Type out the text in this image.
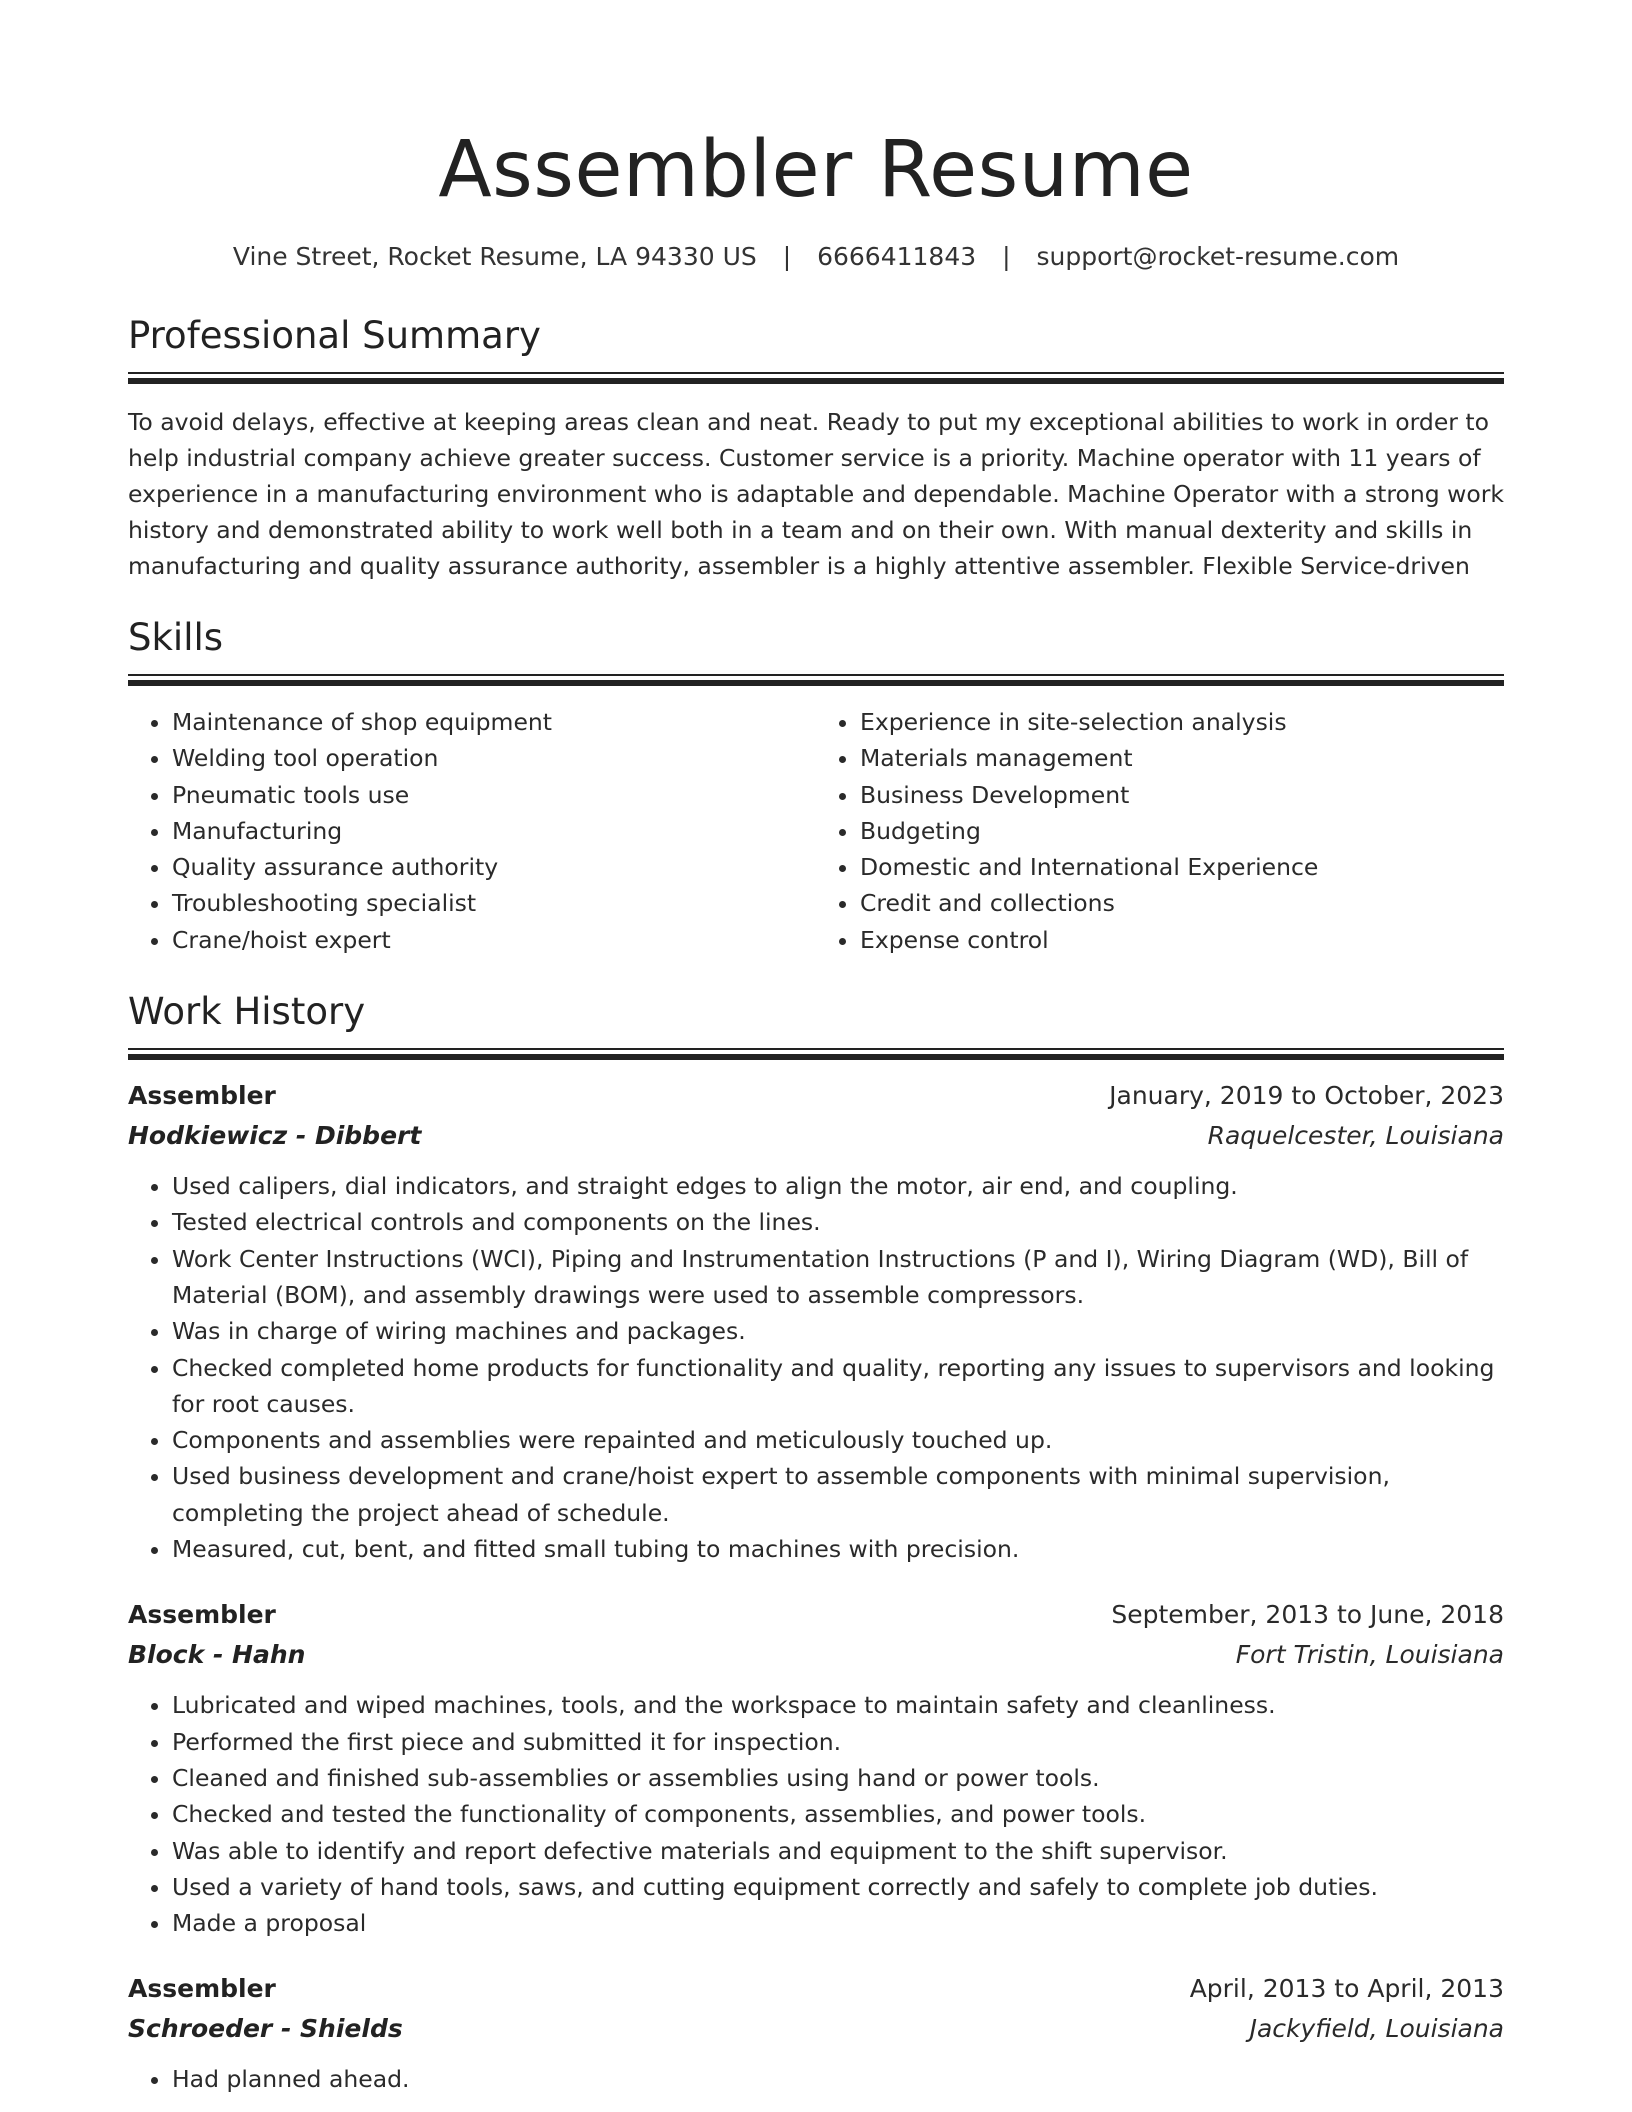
Assembler Resume
Vine Street, Rocket Resume, LA 94330 US | 6666411843 | support@rocket-resume.com
Professional Summary

To avoid delays, effective at keeping areas clean and neat. Ready to put my exceptional abilities to work in order to help industrial company achieve greater success. Customer service is a priority. Machine operator with 11 years of experience in a manufacturing environment who is adaptable and dependable. Machine Operator with a strong work history and demonstrated ability to work well both in a team and on their own. With manual dexterity and skills in manufacturing and quality assurance authority, assembler is a highly attentive assembler. Flexible Service-driven

Skills
• Maintenance of shop equipment
• Welding tool operation
• Pneumatic tools use
• Manufacturing
• Quality assurance authority
• Troubleshooting specialist
• Crane/hoist expert
• Experience in site-selection analysis
• Materials management
• Business Development
• Budgeting
• Domestic and International Experience
• Credit and collections
• Expense control
Work History
Assembler	January, 2019 to October, 2023
Hodkiewicz - Dibbert	Raquelcester, Louisiana
• Used calipers, dial indicators, and straight edges to align the motor, air end, and coupling.
• Tested electrical controls and components on the lines.
• Work Center Instructions (WCI), Piping and Instrumentation Instructions (P and I), Wiring Diagram (WD), Bill of Material (BOM), and assembly drawings were used to assemble compressors.
• Was in charge of wiring machines and packages.
• Checked completed home products for functionality and quality, reporting any issues to supervisors and looking for root causes.
• Components and assemblies were repainted and meticulously touched up.
• Used business development and crane/hoist expert to assemble components with minimal supervision, completing the project ahead of schedule.
• Measured, cut, bent, and fitted small tubing to machines with precision.
Assembler	September, 2013 to June, 2018
Block - Hahn	Fort Tristin, Louisiana
• Lubricated and wiped machines, tools, and the workspace to maintain safety and cleanliness.
• Performed the first piece and submitted it for inspection.
• Cleaned and finished sub-assemblies or assemblies using hand or power tools.
• Checked and tested the functionality of components, assemblies, and power tools.
• Was able to identify and report defective materials and equipment to the shift supervisor.
• Used a variety of hand tools, saws, and cutting equipment correctly and safely to complete job duties.
• Made a proposal
Assembler	April, 2013 to April, 2013
Schroeder - Shields	Jackyfield, Louisiana
• Had planned ahead.
